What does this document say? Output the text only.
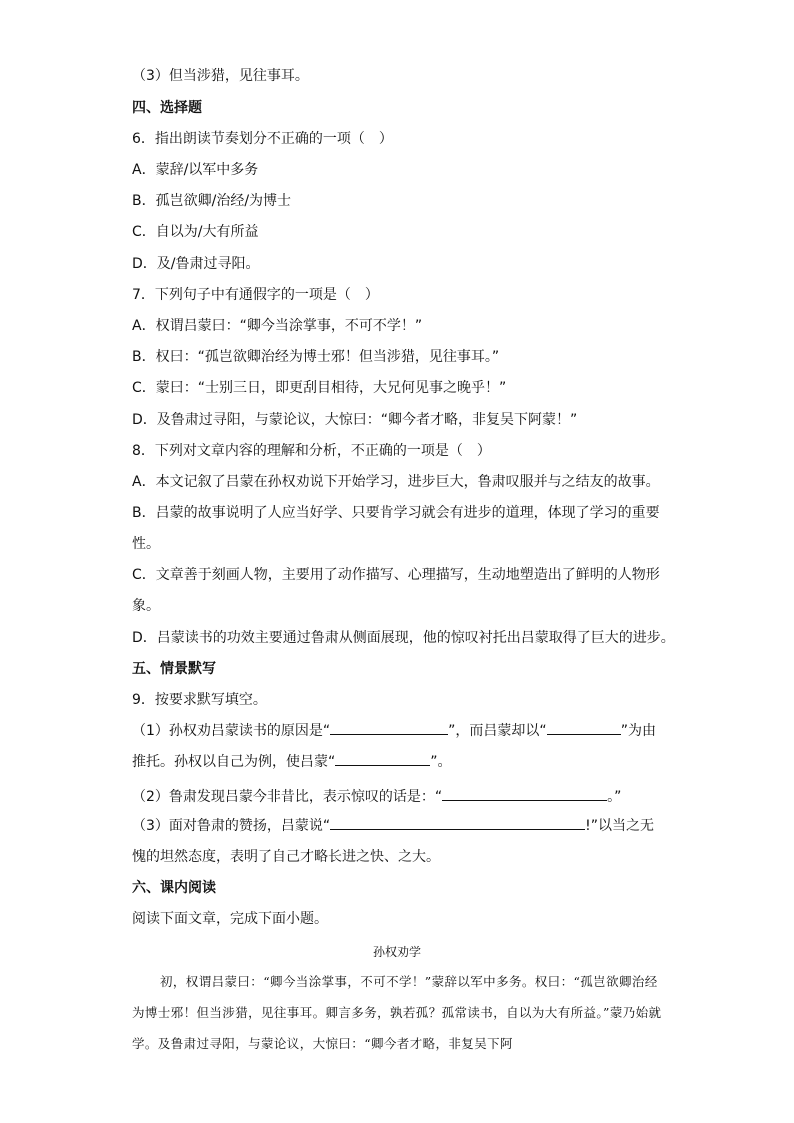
（3）但当涉猎，见往事耳。
四、选择题
6．指出朗读节奏划分不正确的一项（　）
A．蒙辞/以军中多务
B．孤岂欲卿/治经/为博士
C．自以为/大有所益
D．及/鲁肃过寻阳。
7．下列句子中有通假字的一项是（　）
A．权谓吕蒙曰：“卿今当涂掌事，不可不学！”
B．权曰：“孤岂欲卿治经为博士邪！但当涉猎，见往事耳。”
C．蒙曰：“士别三日，即更刮目相待，大兄何见事之晚乎！”
D．及鲁肃过寻阳，与蒙论议，大惊曰：“卿今者才略，非复吴下阿蒙！”
8．下列对文章内容的理解和分析，不正确的一项是（　）
A．本文记叙了吕蒙在孙权劝说下开始学习，进步巨大，鲁肃叹服并与之结友的故事。
B．吕蒙的故事说明了人应当好学、只要肯学习就会有进步的道理，体现了学习的重要性。
C．文章善于刻画人物，主要用了动作描写、心理描写，生动地塑造出了鲜明的人物形象。
D．吕蒙读书的功效主要通过鲁肃从侧面展现，他的惊叹衬托出吕蒙取得了巨大的进步。
五、情景默写
9．按要求默写填空。
（1）孙权劝吕蒙读书的原因是“	”，而吕蒙却以“	”为由推托。孙权以自己为例，使吕蒙“	”。
（2）鲁肃发现吕蒙今非昔比，表示惊叹的话是：“	。”
（3）面对鲁肃的赞扬，吕蒙说“	!”以当之无愧的坦然态度，表明了自己才略长进之快、之大。
六、课内阅读
阅读下面文章，完成下面小题。
孙权劝学
初，权谓吕蒙曰：“卿今当涂掌事，不可不学！”蒙辞以军中多务。权曰：“孤岂欲卿治经为博士邪！但当涉猎，见往事耳。卿言多务，孰若孤？孤常读书，自以为大有所益。”蒙乃始就学。及鲁肃过寻阳，与蒙论议，大惊曰：“卿今者才略，非复吴下阿
